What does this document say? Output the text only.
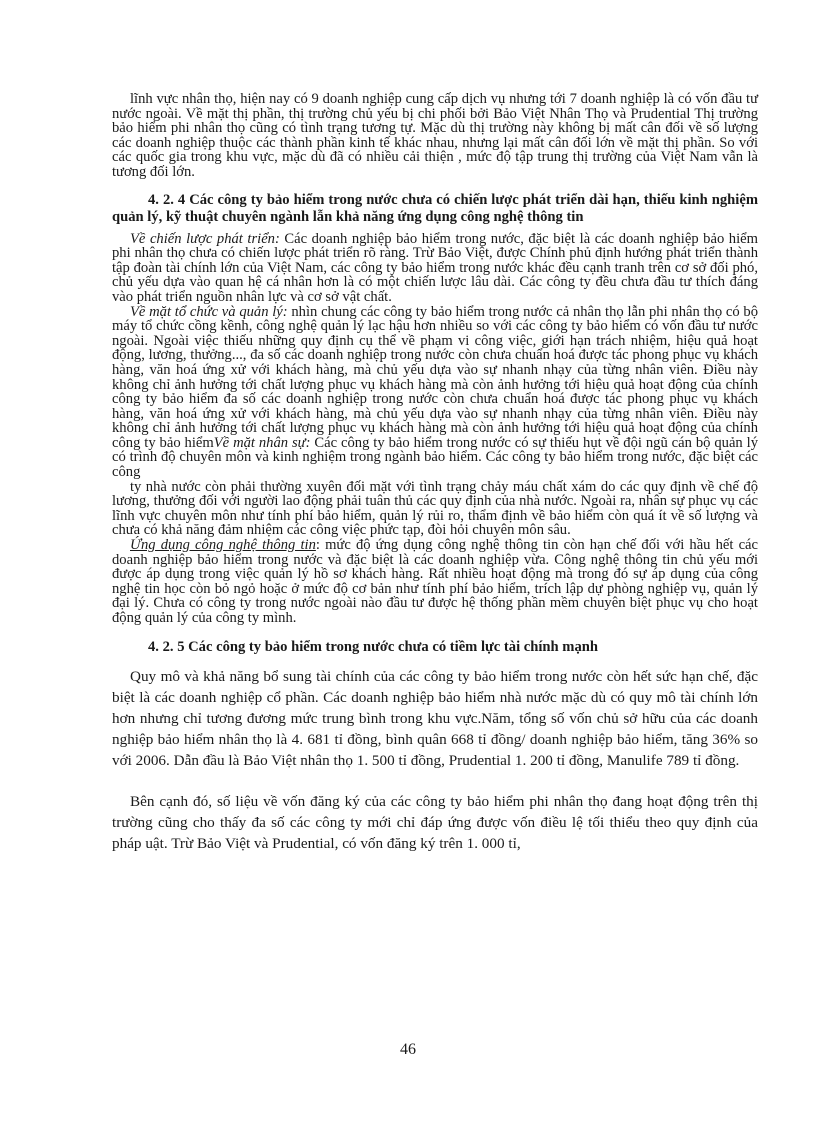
lĩnh vực nhân thọ, hiện nay có 9 doanh nghiệp cung cấp dịch vụ nhưng tới 7 doanh nghiệp là có vốn đầu tư nước ngoài. Về mặt thị phần, thị trường chủ yếu bị chi phối bởi Bảo Việt Nhân Thọ và Prudential Thị trường bảo hiểm phi nhân thọ cũng có tình trạng tương tự. Mặc dù thị trường này không bị mất cân đối về số lượng các doanh nghiệp thuộc các thành phần kinh tế khác nhau, nhưng lại mất cân đối lớn về mặt thị phần. So với các quốc gia trong khu vực, mặc dù đã có nhiều cải thiện , mức độ tập trung thị trường của Việt Nam vẫn là tương đối lớn.

4. 2. 4 Các công ty bảo hiểm trong nước chưa có chiến lược phát triển dài hạn, thiếu kinh nghiệm quản lý, kỹ thuật chuyên ngành lẫn khả năng ứng dụng công nghệ thông tin

Về chiến lược phát triển: Các doanh nghiệp bảo hiểm trong nước, đặc biệt là các doanh nghiệp bảo hiểm phi nhân thọ chưa có chiến lược phát triển rõ ràng. Trừ Bảo Việt, được Chính phủ định hướng phát triển thành tập đoàn tài chính lớn của Việt Nam, các công ty bảo hiểm trong nước khác đều cạnh tranh trên cơ sở đối phó, chủ yếu dựa vào quan hệ cá nhân hơn là có một chiến lược lâu dài. Các công ty đều chưa đầu tư thích đáng vào phát triển nguồn nhân lực và cơ sở vật chất.

Về mặt tổ chức và quản lý: nhìn chung các công ty bảo hiểm trong nước cả nhân thọ lẫn phi nhân thọ có bộ máy tổ chức cồng kềnh, công nghệ quản lý lạc hậu hơn nhiều so với các công ty bảo hiểm có vốn đầu tư nước ngoài. Ngoài việc thiếu những quy định cụ thể về phạm vi công việc, giới hạn trách nhiệm, hiệu quả hoạt động, lương, thưởng..., đa số các doanh nghiệp trong nước còn chưa chuẩn hoá được tác phong phục vụ khách hàng, văn hoá ứng xử với khách hàng, mà chủ yếu dựa vào sự nhanh nhạy của từng nhân viên. Điều này không chỉ ảnh hưởng tới chất lượng phục vụ khách hàng mà còn ảnh hưởng tới hiệu quả hoạt động của chính công ty bảo hiểm đa số các doanh nghiệp trong nước còn chưa chuẩn hoá được tác phong phục vụ khách hàng, văn hoá ứng xử với khách hàng, mà chủ yếu dựa vào sự nhanh nhạy của từng nhân viên. Điều này không chỉ ảnh hưởng tới chất lượng phục vụ khách hàng mà còn ảnh hưởng tới hiệu quả hoạt động của chính công ty bảo hiểmVề mặt nhân sự: Các công ty bảo hiểm trong nước có sự thiếu hụt về đội ngũ cán bộ quản lý có trình độ chuyên môn và kinh nghiệm trong ngành bảo hiểm. Các công ty bảo hiểm trong nước, đặc biệt các công

ty nhà nước còn phải thường xuyên đối mặt với tình trạng chảy máu chất xám do các quy định về chế độ lương, thưởng đối với người lao động phải tuân thủ các quy định của nhà nước. Ngoài ra, nhân sự phục vụ các lĩnh vực chuyên môn như tính phí bảo hiểm, quản lý rủi ro, thẩm định về bảo hiểm còn quá ít về số lượng và chưa có khả năng đảm nhiệm các công việc phức tạp, đòi hỏi chuyên môn sâu.

Ứng dụng công nghệ thông tin: mức độ ứng dụng công nghệ thông tin còn hạn chế đối với hầu hết các doanh nghiệp bảo hiểm trong nước và đặc biệt là các doanh nghiệp vừa. Công nghệ thông tin chủ yếu mới được áp dụng trong việc quản lý hồ sơ khách hàng. Rất nhiều hoạt động mà trong đó sự áp dụng của công nghệ tin học còn bỏ ngỏ hoặc ở mức độ cơ bản như tính phí bảo hiểm, trích lập dự phòng nghiệp vụ, quản lý đại lý. Chưa có công ty trong nước ngoài nào đầu tư được hệ thống phần mềm chuyên biệt phục vụ cho hoạt động quản lý của công ty mình.

4. 2. 5 Các công ty bảo hiểm trong nước chưa có tiềm lực tài chính mạnh

Quy mô và khả năng bổ sung tài chính của các công ty bảo hiểm trong nước còn hết sức hạn chế, đặc biệt là các doanh nghiệp cổ phần. Các doanh nghiệp bảo hiểm nhà nước mặc dù có quy mô tài chính lớn hơn nhưng chỉ tương đương mức trung bình trong khu vực.Năm, tổng số vốn chủ sở hữu của các doanh nghiệp bảo hiểm nhân thọ là 4. 681 tỉ đồng, bình quân 668 tỉ đồng/ doanh nghiệp bảo hiểm, tăng 36% so với 2006. Dẫn đầu là Bảo Việt nhân thọ 1. 500 tỉ đồng, Prudential 1. 200 tỉ đồng, Manulife 789 tỉ đồng.

Bên cạnh đó, số liệu về vốn đăng ký của các công ty bảo hiểm phi nhân thọ đang hoạt động trên thị trường cũng cho thấy đa số các công ty mới chỉ đáp ứng được vốn điều lệ tối thiểu theo quy định của pháp uật. Trừ Bảo Việt và Prudential, có vốn đăng ký trên 1. 000 tỉ,

46
